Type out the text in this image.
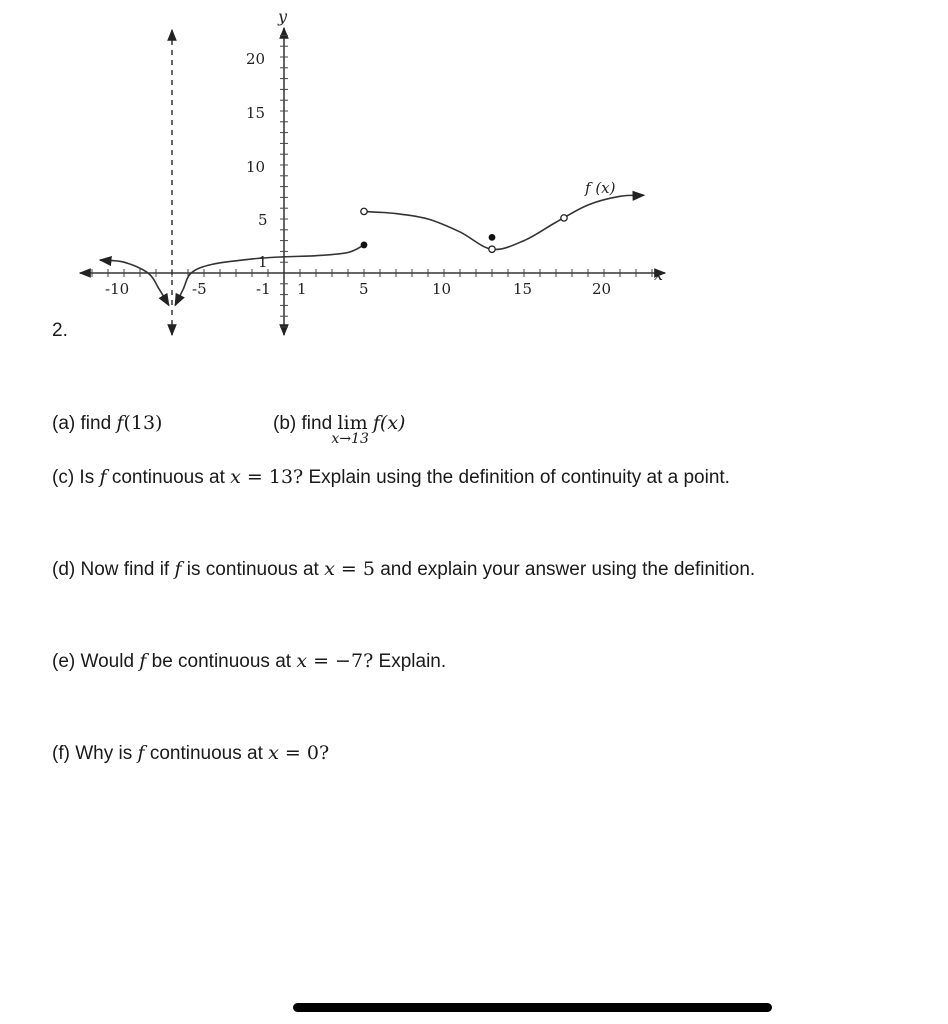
y
x
f (x)
-10	-5	-1 1	5	10	15	20
20
15
10
5
1
2.
(a) find f(13)	(b) find lim
x→13
f(x)
(c) Is f continuous at x = 13? Explain using the definition of continuity at a point.
(d) Now find if f is continuous at x = 5 and explain your answer using the definition.
(e) Would f be continuous at x = −7? Explain.
(f) Why is f continuous at x = 0?
